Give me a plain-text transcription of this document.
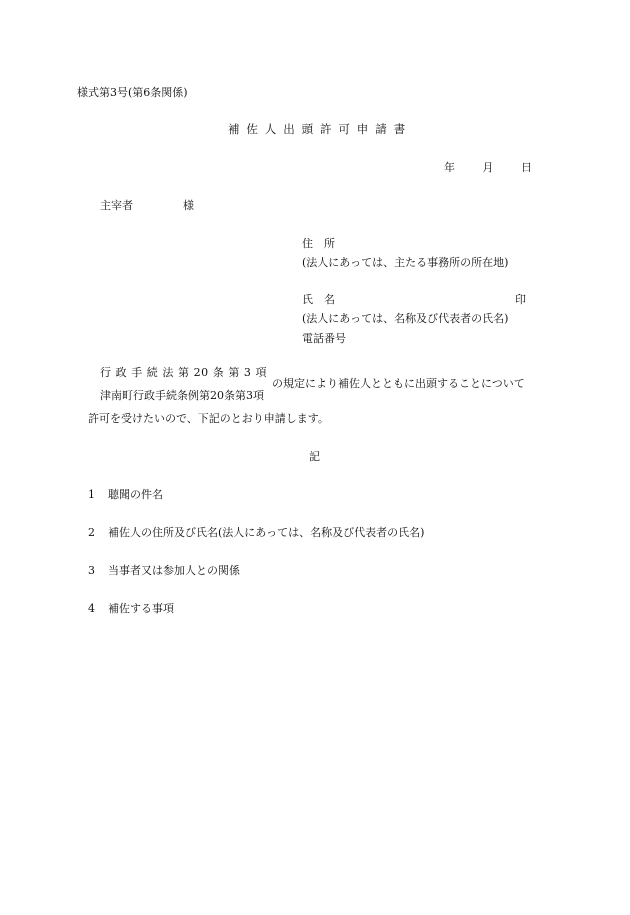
様式第3号(第6条関係)
補佐人出頭許可申請書
年	月	日
主宰者	様
住　所
(法人にあっては、主たる事務所の所在地)
氏　名	印
(法人にあっては、名称及び代表者の氏名)
電話番号
行 政 手 続 法 第 20 条 第 3 項
津南町行政手続条例第20条第3項
の規定により補佐人とともに出頭することについて
許可を受けたいので、下記のとおり申請します。
記
1 聴聞の件名
2 補佐人の住所及び氏名(法人にあっては、名称及び代表者の氏名)
3 当事者又は参加人との関係
4 補佐する事項
